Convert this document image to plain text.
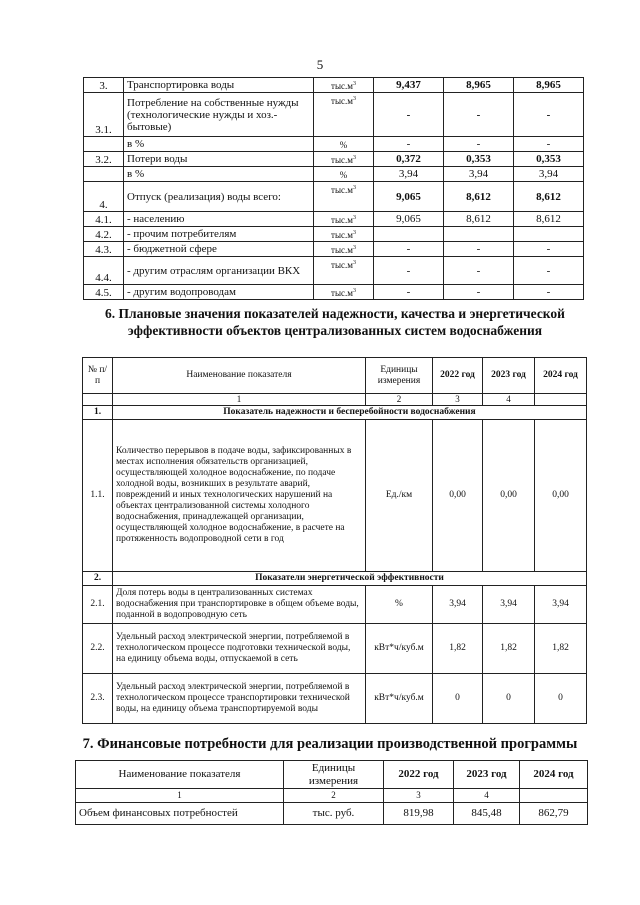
5
3.	Транспортировка воды	$тыс.м^3$	9,437	8,965	8,965
3.1.	Потребление на собственные нужды (технологические нужды и хоз.-бытовые)	$тыс.м^3$	-	-	-
	в %	%	-	-	-
3.2.	Потери воды	$тыс.м^3$	0,372	0,353	0,353
	в %	%	3,94	3,94	3,94
4.	Отпуск (реализация) воды всего:	$тыс.м^3$	9,065	8,612	8,612
4.1.	- населению	$тыс.м^3$	9,065	8,612	8,612
4.2.	- прочим потребителям	$тыс.м^3$			
4.3.	- бюджетной сфере	$тыс.м^3$	-	-	-
4.4.	- другим отраслям организации ВКХ	$тыс.м^3$	-	-	-
4.5.	- другим водопроводам	$тыс.м^3$	-	-	-
6. Плановые значения показателей надежности, качества и энергетической эффективности объектов централизованных систем водоснабжения
№ п/п	Наименование показателя	Единицы измерения	2022 год	2023 год	2024 год
	1	2	3	4	
1.	Показатель надежности и бесперебойности водоснабжения				
1.1.	Количество перерывов в подаче воды, зафиксированных в местах исполнения обязательств организацией, осуществляющей холодное водоснабжение, по подаче холодной воды, возникших в результате аварий, повреждений и иных технологических нарушений на объектах централизованной системы холодного водоснабжения, принадлежащей организации, осуществляющей холодное водоснабжение, в расчете на протяженность водопроводной сети в год	Ед./км	0,00	0,00	0,00
2.	Показатели энергетической эффективности				
2.1.	Доля потерь воды в централизованных системах водоснабжения при транспортировке в общем объеме воды, поданной в водопроводную сеть	%	3,94	3,94	3,94
2.2.	Удельный расход электрической энергии, потребляемой в технологическом процессе подготовки технической воды, на единицу объема воды, отпускаемой в сеть	кВт*ч/куб.м	1,82	1,82	1,82
2.3.	Удельный расход электрической энергии, потребляемой в технологическом процессе транспортировки технической воды, на единицу объема транспортируемой воды	кВт*ч/куб.м	0	0	0
7. Финансовые потребности для реализации производственной программы
Наименование показателя	Единицы измерения	2022 год	2023 год	2024 год
1	2	3	4	
Объем финансовых потребностей	тыс. руб.	819,98	845,48	862,79
